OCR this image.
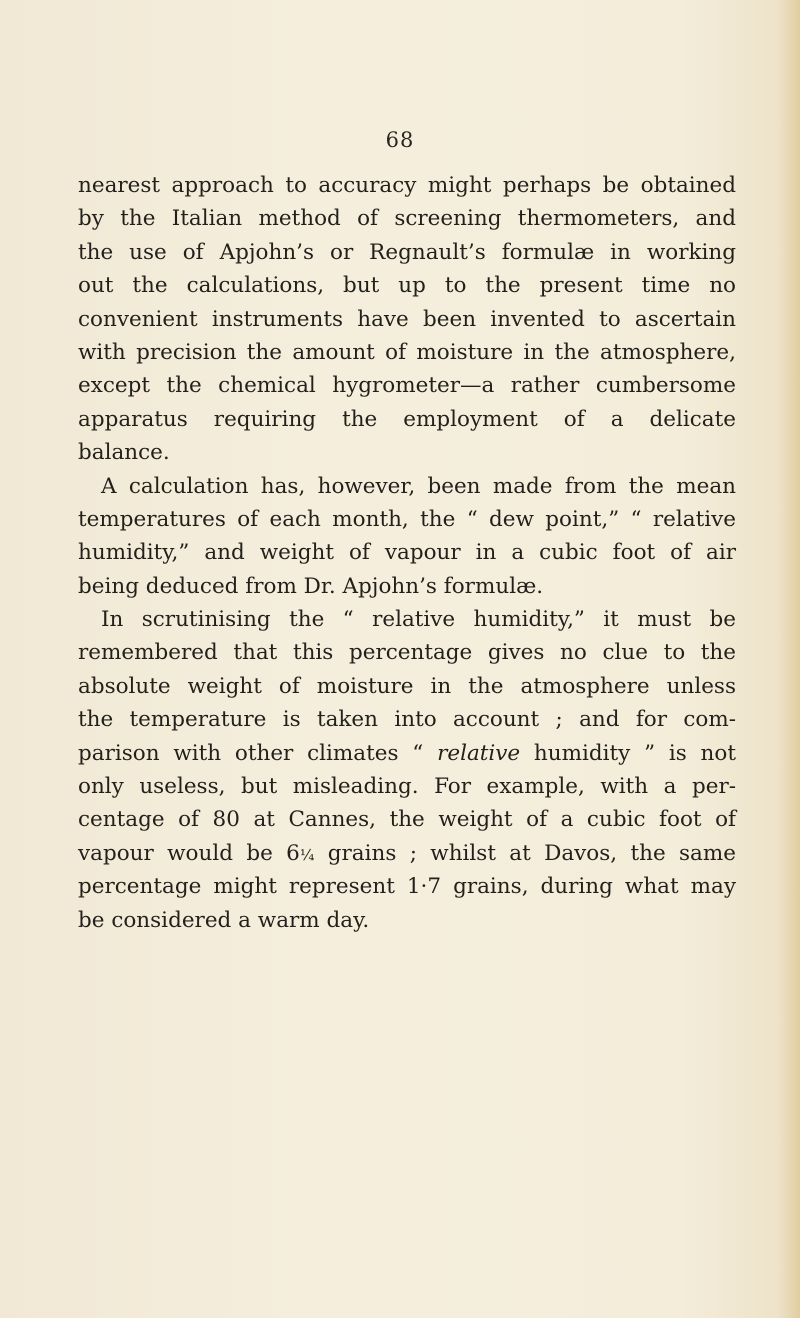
68
nearest approach to accuracy might perhaps be obtained
by the Italian method of screening thermometers, and
the use of Apjohn’s or Regnault’s formulæ in working
out the calculations, but up to the present time no
convenient instruments have been invented to ascertain
with precision the amount of moisture in the atmosphere,
except the chemical hygrometer—a rather cumbersome
apparatus requiring the employment of a delicate
balance.
A calculation has, however, been made from the mean
temperatures of each month, the “ dew point,” “ relative
humidity,” and weight of vapour in a cubic foot of air
being deduced from Dr. Apjohn’s formulæ.
In scrutinising the “ relative humidity,” it must be
remembered that this percentage gives no clue to the
absolute weight of moisture in the atmosphere unless
the temperature is taken into account ; and for com-
parison with other climates “ relative humidity ” is not
only useless, but misleading. For example, with a per-
centage of 80 at Cannes, the weight of a cubic foot of
vapour would be 6¼ grains ; whilst at Davos, the same
percentage might represent 1·7 grains, during what may
be considered a warm day.
